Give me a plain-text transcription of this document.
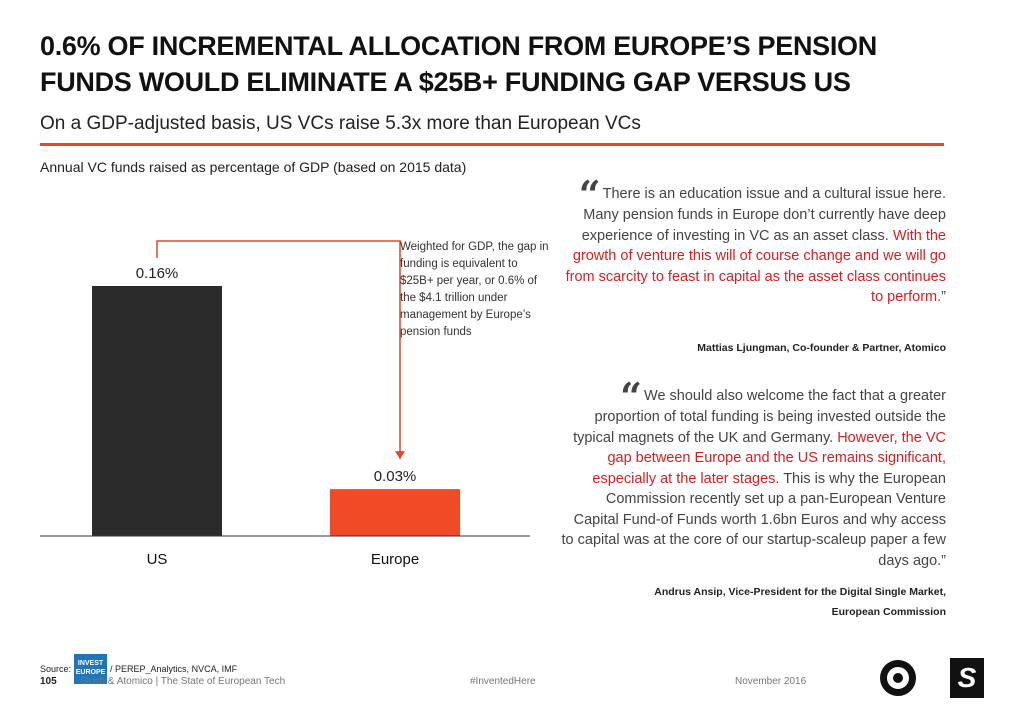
0.6% OF INCREMENTAL ALLOCATION FROM EUROPE’S PENSION FUNDS WOULD ELIMINATE A $25B+ FUNDING GAP VERSUS US
On a GDP-adjusted basis, US VCs raise 5.3x more than European VCs
Annual VC funds raised as percentage of GDP (based on 2015 data)
0.16%
US
0.03%
Europe
Weighted for GDP, the gap in funding is equivalent to $25B+ per year, or 0.6% of the $4.1 trillion under management by Europe’s pension funds
“ There is an education issue and a cultural issue here. Many pension funds in Europe don’t currently have deep experience of investing in VC as an asset class. With the growth of venture this will of course change and we will go from scarcity to feast in capital as the asset class continues to perform.”
Mattias Ljungman, Co-founder & Partner, Atomico
“ We should also welcome the fact that a greater proportion of total funding is being invested outside the typical magnets of the UK and Germany. However, the VC gap between Europe and the US remains significant, especially at the later stages. This is why the European Commission recently set up a pan-European Venture Capital Fund-of Funds worth 1.6bn Euros and why access to capital was at the core of our startup-scaleup paper a few days ago.”
Andrus Ansip, Vice-President for the Digital Single Market,
European Commission
Source:
INVEST EUROPE / PEREP_Analytics, NVCA, IMF
105 Slush & Atomico | The State of European Tech	#InventedHere	November 2016	S
